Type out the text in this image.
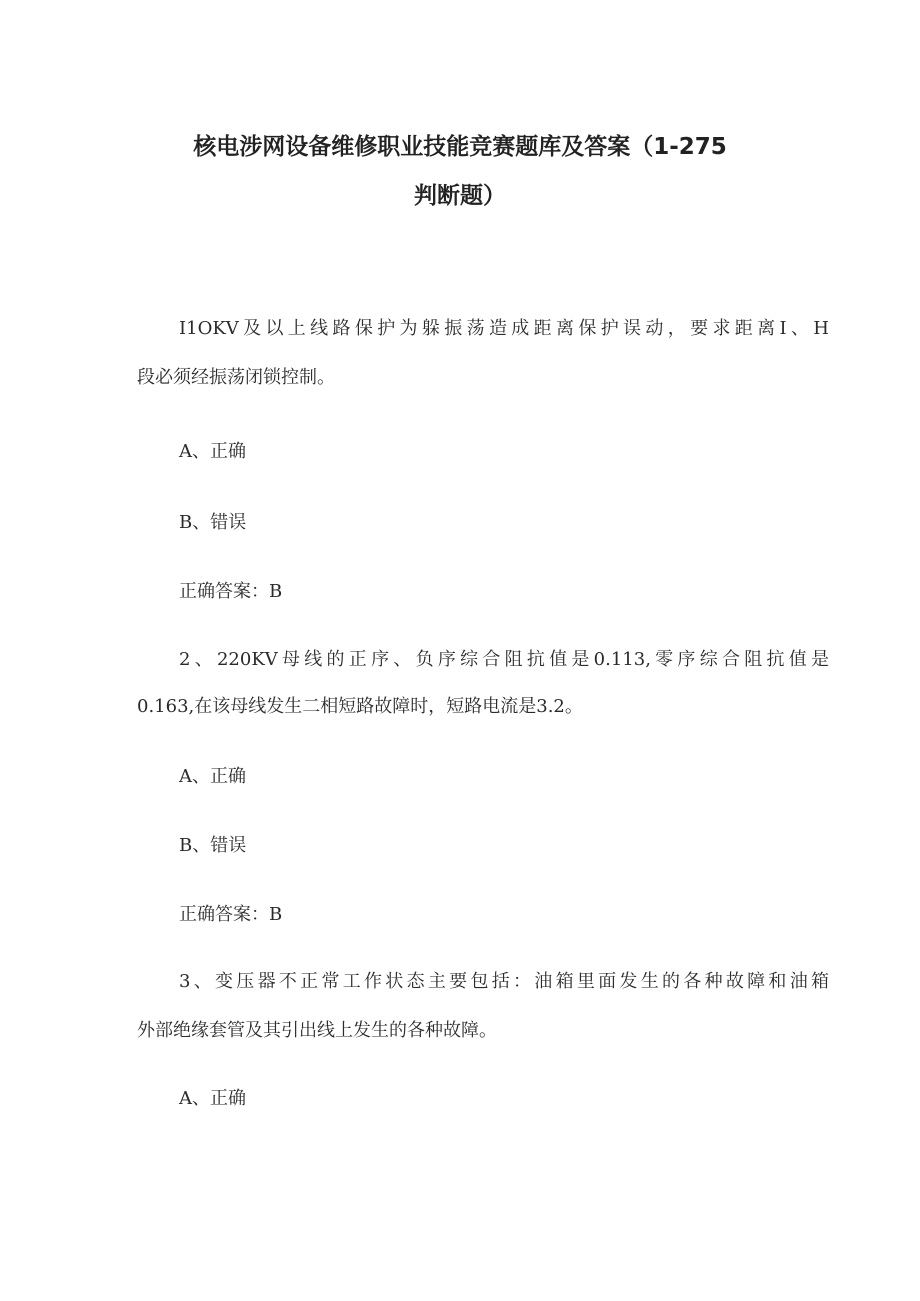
核电涉网设备维修职业技能竞赛题库及答案（1-275
判断题）

I1OKV及以上线路保护为躲振荡造成距离保护误动，要求距离I、H

段必须经振荡闭锁控制。

A、正确

B、错误

正确答案：B

2、220KV母线的正序、负序综合阻抗值是0.113,零序综合阻抗值是

0.163,在该母线发生二相短路故障时，短路电流是3.2。

A、正确

B、错误

正确答案：B

3、变压器不正常工作状态主要包括：油箱里面发生的各种故障和油箱

外部绝缘套管及其引出线上发生的各种故障。

A、正确
